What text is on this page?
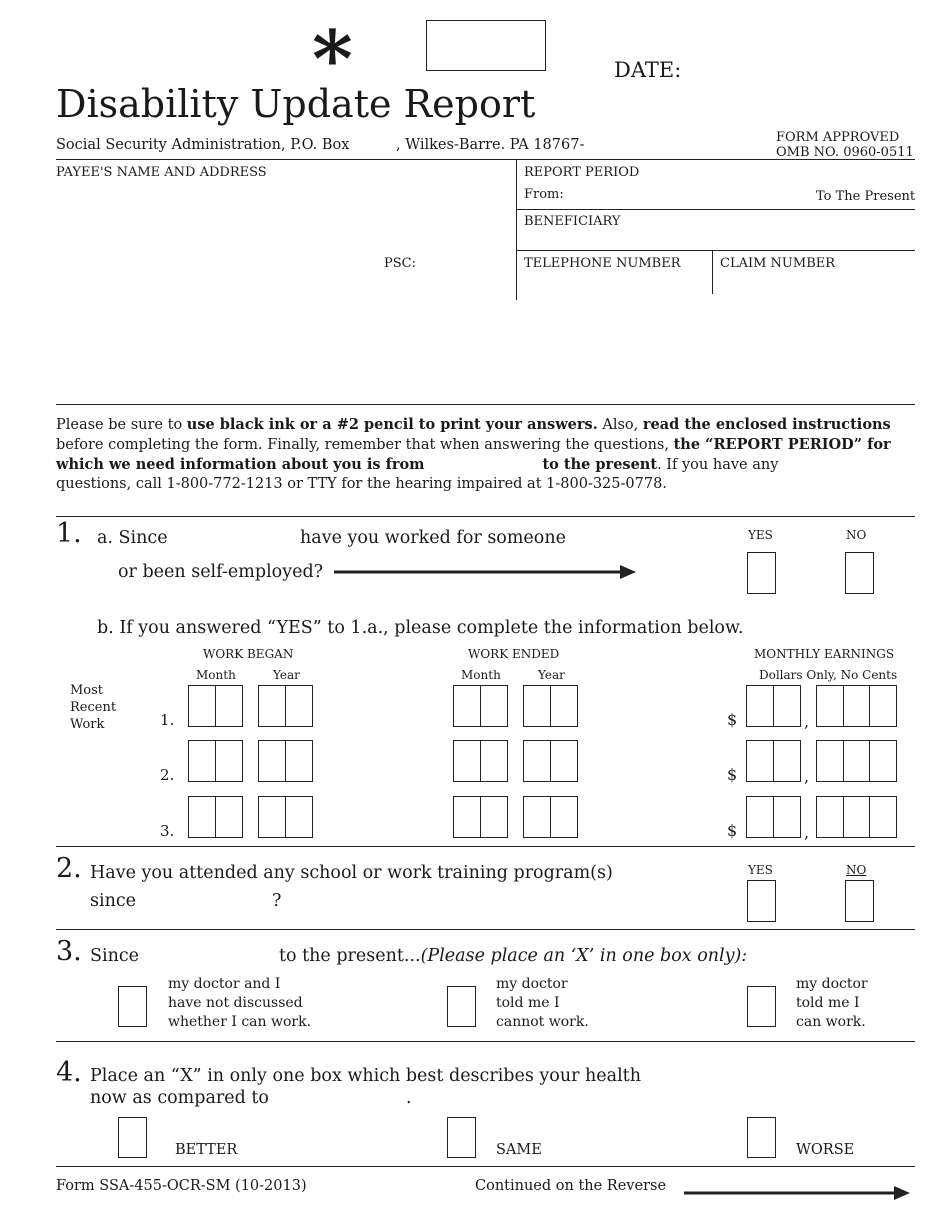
*	DATE:
Disability Update Report
Social Security Administration, P.O. Box	, Wilkes-Barre. PA 18767-	FORM APPROVED
OMB NO. 0960-0511
PAYEE'S NAME AND ADDRESS
PSC:
REPORT PERIOD
From:	To The Present
BENEFICIARY
TELEPHONE NUMBER	CLAIM NUMBER
Please be sure to use black ink or a #2 pencil to print your answers. Also, read the enclosed instructions
before completing the form. Finally, remember that when answering the questions, the “REPORT PERIOD” for
which we need information about you is from	to the present. If you have any
questions, call 1-800-772-1213 or TTY for the hearing impaired at 1-800-325-0778.
1. a. Since	have you worked for someone
or been self-employed?
YES	NO
b. If you answered “YES” to 1.a., please complete the information below.
WORK BEGAN	WORK ENDED	MONTHLY EARNINGS
Month	Year	Month	Year	Dollars Only, No Cents
Most
Recent
Work	1.	$	,
2.	$	,
3.	$	,
2. Have you attended any school or work training program(s)
since	?
YES	NO
3. Since	to the present...(Please place an ‘X’ in one box only):
my doctor and I
have not discussed
whether I can work.
my doctor
told me I
cannot work.
my doctor
told me I
can work.
4. Place an “X” in only one box which best describes your health
now as compared to	.
BETTER	SAME	WORSE
Form SSA-455-OCR-SM (10-2013)	Continued on the Reverse
